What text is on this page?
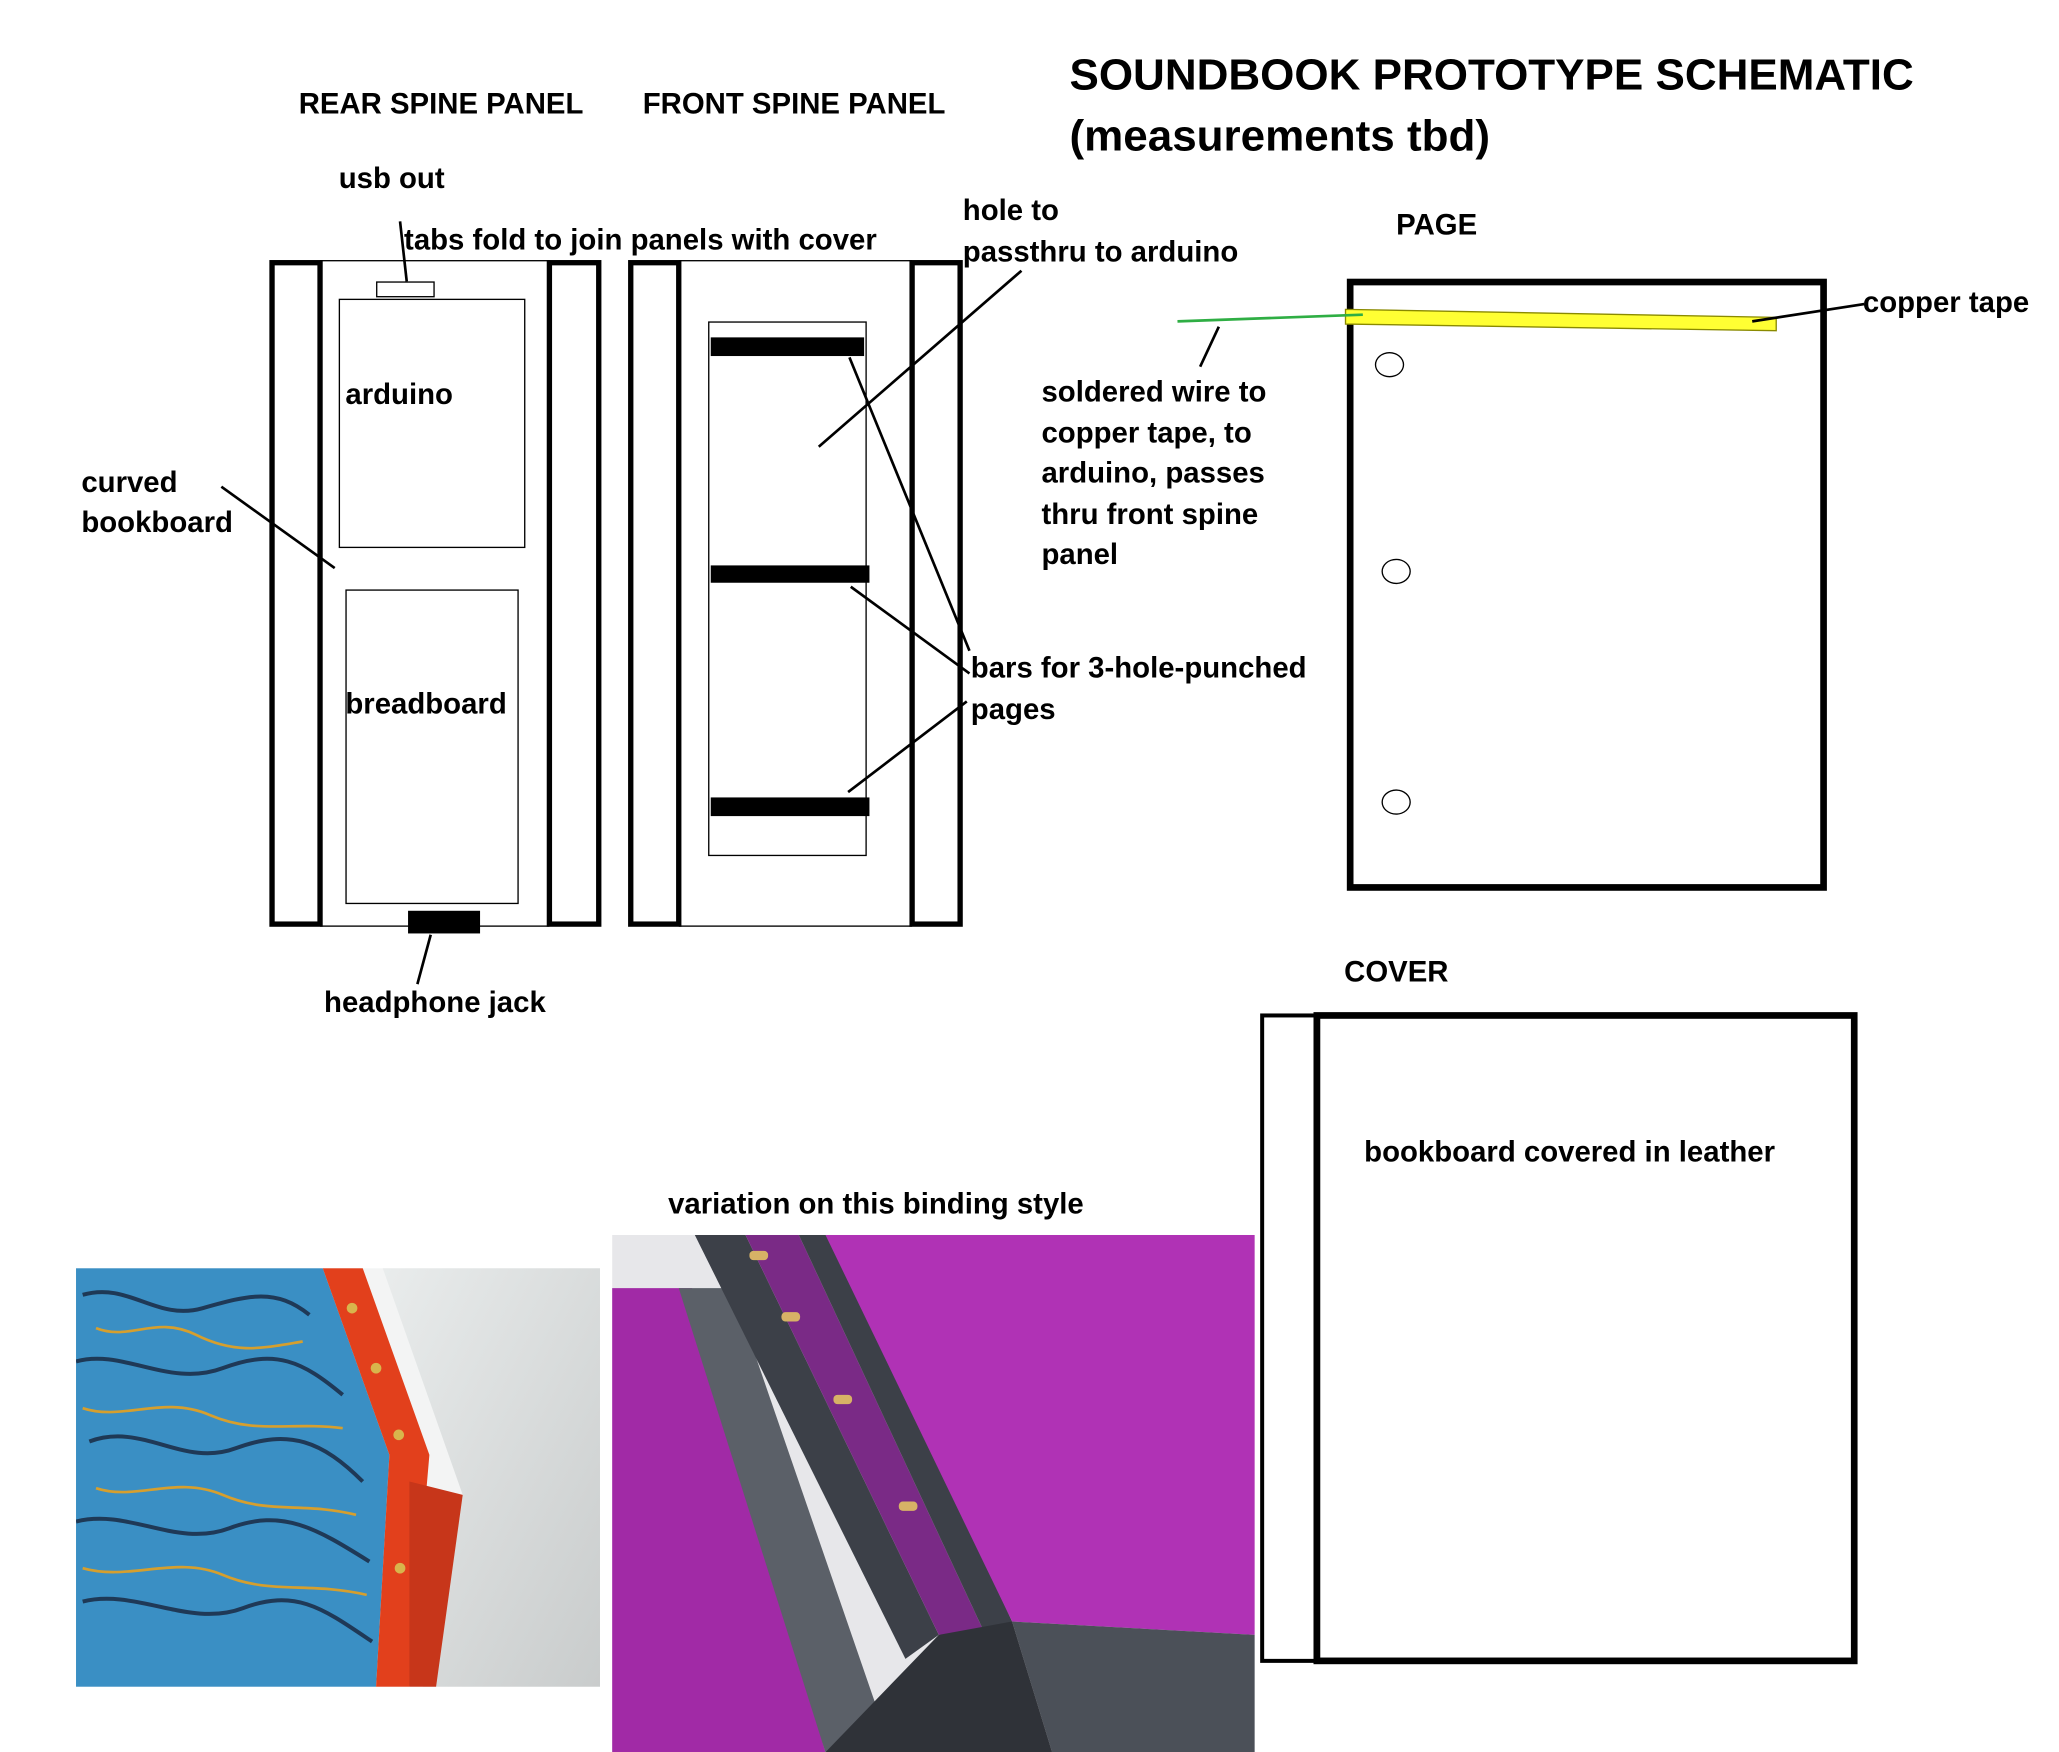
SOUNDBOOK PROTOTYPE SCHEMATIC
(measurements tbd)
REAR SPINE PANEL	FRONT SPINE PANEL
PAGE
COVER
usb out
arduino
breadboard
curved
bookboard
headphone jack
tabs fold to join panels with cover
hole to
passthru to arduino
bars for 3-hole-punched
pages
copper tape
soldered wire to
copper tape, to
arduino, passes
thru front spine
panel
bookboard covered in leather
variation on this binding style
